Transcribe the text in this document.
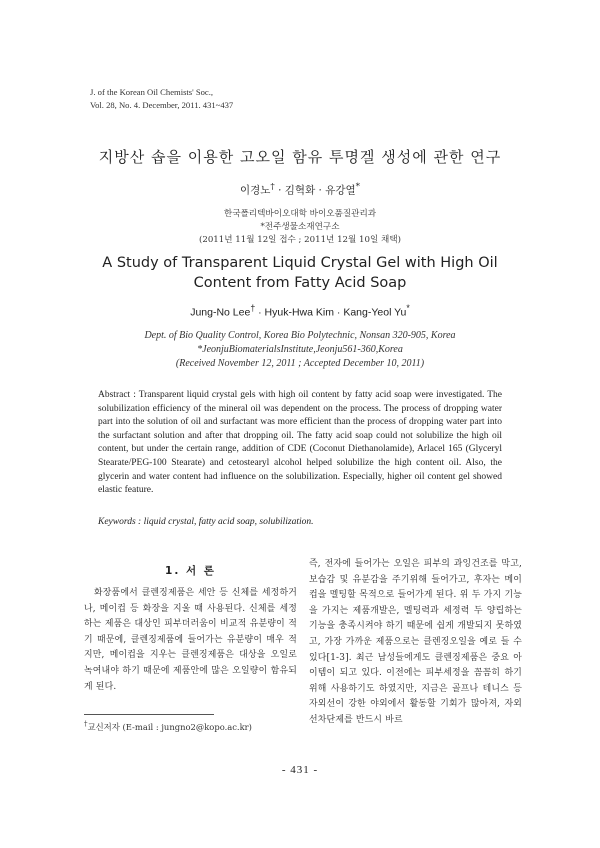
J. of the Korean Oil Chemists' Soc.,
Vol. 28, No. 4. December, 2011. 431~437
지방산 솝을 이용한 고오일 함유 투명겔 생성에 관한 연구
이경노† · 김혁화 · 유강열*
한국폴리텍바이오대학 바이오품질관리과
*전주생물소재연구소
(2011년 11월 12일 접수 ; 2011년 12월 10일 채택)
A Study of Transparent Liquid Crystal Gel with High Oil
Content from Fatty Acid Soap
Jung-No Lee† · Hyuk-Hwa Kim · Kang-Yeol Yu*
Dept. of Bio Quality Control, Korea Bio Polytechnic, Nonsan 320-905, Korea
*JeonjuBiomaterialsInstitute,Jeonju561-360,Korea
(Received November 12, 2011 ; Accepted December 10, 2011)
Abstract : Transparent liquid crystal gels with high oil content by fatty acid soap were investigated. The solubilization efficiency of the mineral oil was dependent on the process. The process of dropping water part into the solution of oil and surfactant was more efficient than the process of dropping water part into the surfactant solution and after that dropping oil. The fatty acid soap could not solubilize the high oil content, but under the certain range, addition of CDE (Coconut Diethanolamide), Arlacel 165 (Glyceryl Stearate/PEG-100 Stearate) and cetostearyl alcohol helped solubilize the high content oil. Also, the glycerin and water content had influence on the solubilization. Especially, higher oil content gel showed elastic feature.
Keywords : liquid crystal, fatty acid soap, solubilization.
1. 서 론

화장품에서 클렌징제품은 세안 등 신체를 세정하거나, 메이컵 등 화장을 지울 때 사용된다. 신체를 세정하는 제품은 대상인 피부더러움이 비교적 유분량이 적기 때문에, 클렌징제품에 들어가는 유분량이 매우 적지만, 메이컵을 지우는 클렌징제품은 대상을 오일로 녹여내야 하기 때문에 제품안에 많은 오일량이 함유되게 된다.

즉, 전자에 들어가는 오일은 피부의 과잉건조를 막고, 보습감 및 유분감을 주기위해 들어가고, 후자는 메이컵을 멜팅할 목적으로 들어가게 된다. 위 두 가지 기능을 가지는 제품개발은, 멜팅력과 세정력 두 양립하는 기능을 충족시켜야 하기 때문에 쉽게 개발되지 못하였고, 가장 가까운 제품으로는 클렌징오일을 예로 들 수 있다[1-3]. 최근 남성들에게도 클렌징제품은 중요 아이템이 되고 있다. 이전에는 피부세정을 꼼꼼히 하기 위해 사용하기도 하였지만, 지금은 골프나 테니스 등 자외선이 강한 야외에서 활동할 기회가 많아져, 자외선차단제를 반드시 바르

†교신저자 (E-mail : jungno2@kopo.ac.kr)
- 431 -
